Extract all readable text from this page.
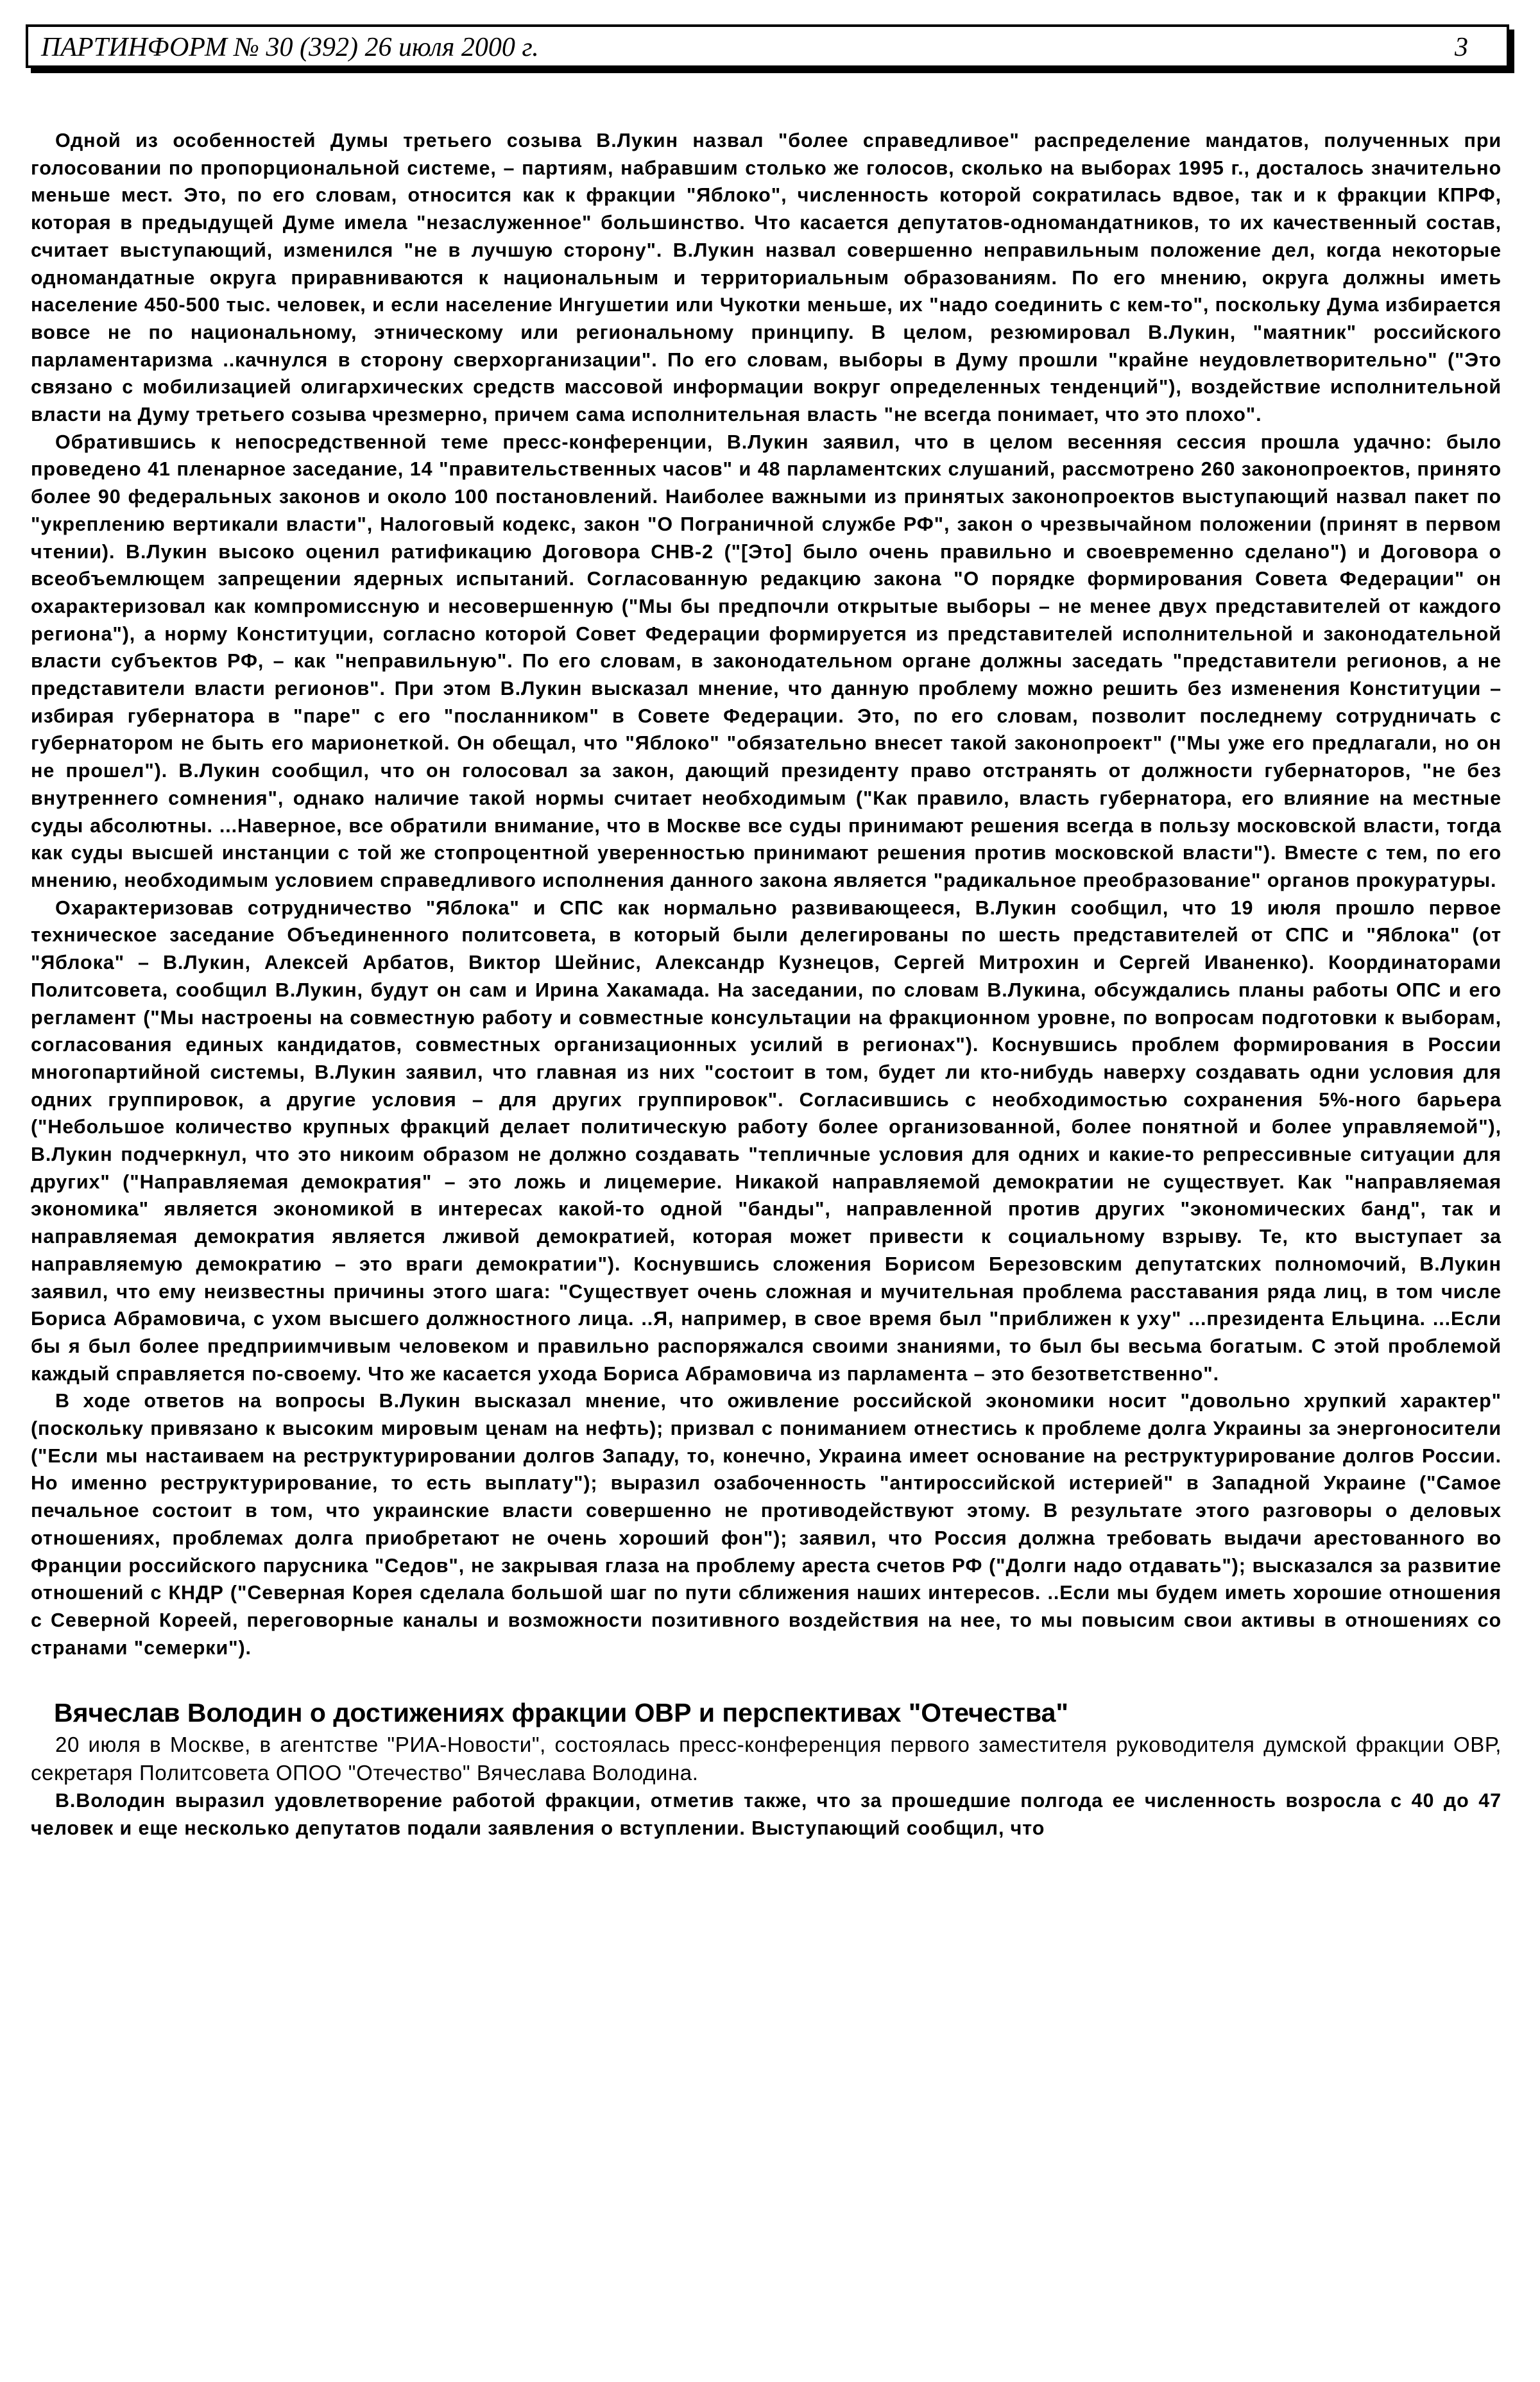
ПАРТИНФОРМ № 30 (392) 26 июля 2000 г.	3

Одной из особенностей Думы третьего созыва В.Лукин назвал "более справедливое" распределение мандатов, полученных при голосовании по пропорциональной системе, – партиям, набравшим столько же голосов, сколько на выборах 1995 г., досталось значительно меньше мест. Это, по его словам, относится как к фракции "Яблоко", численность которой сократилась вдвое, так и к фракции КПРФ, которая в предыдущей Думе имела "незаслуженное" большинство. Что касается депутатов-одномандатников, то их качественный состав, считает выступающий, изменился "не в лучшую сторону". В.Лукин назвал совершенно неправильным положение дел, когда некоторые одномандатные округа приравниваются к национальным и территориальным образованиям. По его мнению, округа должны иметь население 450-500 тыс. человек, и если население Ингушетии или Чукотки меньше, их "надо соединить с кем-то", поскольку Дума избирается вовсе не по национальному, этническому или региональному принципу. В целом, резюмировал В.Лукин, "маятник" российского парламентаризма ..качнулся в сторону сверхорганизации". По его словам, выборы в Думу прошли "крайне неудовлетворительно" ("Это связано с мобилизацией олигархических средств массовой информации вокруг определенных тенденций"), воздействие исполнительной власти на Думу третьего созыва чрезмерно, причем сама исполнительная власть "не всегда понимает, что это плохо".

Обратившись к непосредственной теме пресс-конференции, В.Лукин заявил, что в целом весенняя сессия прошла удачно: было проведено 41 пленарное заседание, 14 "правительственных часов" и 48 парламентских слушаний, рассмотрено 260 законопроектов, принято более 90 федеральных законов и около 100 постановлений. Наиболее важными из принятых законопроектов выступающий назвал пакет по "укреплению вертикали власти", Налоговый кодекс, закон "О Пограничной службе РФ", закон о чрезвычайном положении (принят в первом чтении). В.Лукин высоко оценил ратификацию Договора СНВ-2 ("[Это] было очень правильно и своевременно сделано") и Договора о всеобъемлющем запрещении ядерных испытаний. Согласованную редакцию закона "О порядке формирования Совета Федерации" он охарактеризовал как компромиссную и несовершенную ("Мы бы предпочли открытые выборы – не менее двух представителей от каждого региона"), а норму Конституции, согласно которой Совет Федерации формируется из представителей исполнительной и законодательной власти субъектов РФ, – как "неправильную". По его словам, в законодательном органе должны заседать "представители регионов, а не представители власти регионов". При этом В.Лукин высказал мнение, что данную проблему можно решить без изменения Конституции – избирая губернатора в "паре" с его "посланником" в Совете Федерации. Это, по его словам, позволит последнему сотрудничать с губернатором не быть его марионеткой. Он обещал, что "Яблоко" "обязательно внесет такой законопроект" ("Мы уже его предлагали, но он не прошел"). В.Лукин сообщил, что он голосовал за закон, дающий президенту право отстранять от должности губернаторов, "не без внутреннего сомнения", однако наличие такой нормы считает необходимым ("Как правило, власть губернатора, его влияние на местные суды абсолютны. ...Наверное, все обратили внимание, что в Москве все суды принимают решения всегда в пользу московской власти, тогда как суды высшей инстанции с той же стопроцентной уверенностью принимают решения против московской власти"). Вместе с тем, по его мнению, необходимым условием справедливого исполнения данного закона является "радикальное преобразование" органов прокуратуры.

Охарактеризовав сотрудничество "Яблока" и СПС как нормально развивающееся, В.Лукин сообщил, что 19 июля прошло первое техническое заседание Объединенного политсовета, в который были делегированы по шесть представителей от СПС и "Яблока" (от "Яблока" – В.Лукин, Алексей Арбатов, Виктор Шейнис, Александр Кузнецов, Сергей Митрохин и Сергей Иваненко). Координаторами Политсовета, сообщил В.Лукин, будут он сам и Ирина Хакамада. На заседании, по словам В.Лукина, обсуждались планы работы ОПС и его регламент ("Мы настроены на совместную работу и совместные консультации на фракционном уровне, по вопросам подготовки к выборам, согласования единых кандидатов, совместных организационных усилий в регионах"). Коснувшись проблем формирования в России многопартийной системы, В.Лукин заявил, что главная из них "состоит в том, будет ли кто-нибудь наверху создавать одни условия для одних группировок, а другие условия – для других группировок". Согласившись с необходимостью сохранения 5%-ного барьера ("Небольшое количество крупных фракций делает политическую работу более организованной, более понятной и более управляемой"), В.Лукин подчеркнул, что это никоим образом не должно создавать "тепличные условия для одних и какие-то репрессивные ситуации для других" ("Направляемая демократия" – это ложь и лицемерие. Никакой направляемой демократии не существует. Как "направляемая экономика" является экономикой в интересах какой-то одной "банды", направленной против других "экономических банд", так и направляемая демократия является лживой демократией, которая может привести к социальному взрыву. Те, кто выступает за направляемую демократию – это враги демократии"). Коснувшись сложения Борисом Березовским депутатских полномочий, В.Лукин заявил, что ему неизвестны причины этого шага: "Существует очень сложная и мучительная проблема расставания ряда лиц, в том числе Бориса Абрамовича, с ухом высшего должностного лица. ..Я, например, в свое время был "приближен к уху" ...президента Ельцина. ...Если бы я был более предприимчивым человеком и правильно распоряжался своими знаниями, то был бы весьма богатым. С этой проблемой каждый справляется по-своему. Что же касается ухода Бориса Абрамовича из парламента – это безответственно".

В ходе ответов на вопросы В.Лукин высказал мнение, что оживление российской экономики носит "довольно хрупкий характер" (поскольку привязано к высоким мировым ценам на нефть); призвал с пониманием отнестись к проблеме долга Украины за энергоносители ("Если мы настаиваем на реструктурировании долгов Западу, то, конечно, Украина имеет основание на реструктурирование долгов России. Но именно реструктурирование, то есть выплату"); выразил озабоченность "антироссийской истерией" в Западной Украине ("Самое печальное состоит в том, что украинские власти совершенно не противодействуют этому. В результате этого разговоры о деловых отношениях, проблемах долга приобретают не очень хороший фон"); заявил, что Россия должна требовать выдачи арестованного во Франции российского парусника "Седов", не закрывая глаза на проблему ареста счетов РФ ("Долги надо отдавать"); высказался за развитие отношений с КНДР ("Северная Корея сделала большой шаг по пути сближения наших интересов. ..Если мы будем иметь хорошие отношения с Северной Кореей, переговорные каналы и возможности позитивного воздействия на нее, то мы повысим свои активы в отношениях со странами "семерки").

Вячеслав Володин о достижениях фракции ОВР и перспективах "Отечества"

20 июля в Москве, в агентстве "РИА-Новости", состоялась пресс-конференция первого заместителя руководителя думской фракции ОВР, секретаря Политсовета ОПОО "Отечество" Вячеслава Володина.

В.Володин выразил удовлетворение работой фракции, отметив также, что за прошедшие полгода ее численность возросла с 40 до 47 человек и еще несколько депутатов подали заявления о вступлении. Выступающий сообщил, что
